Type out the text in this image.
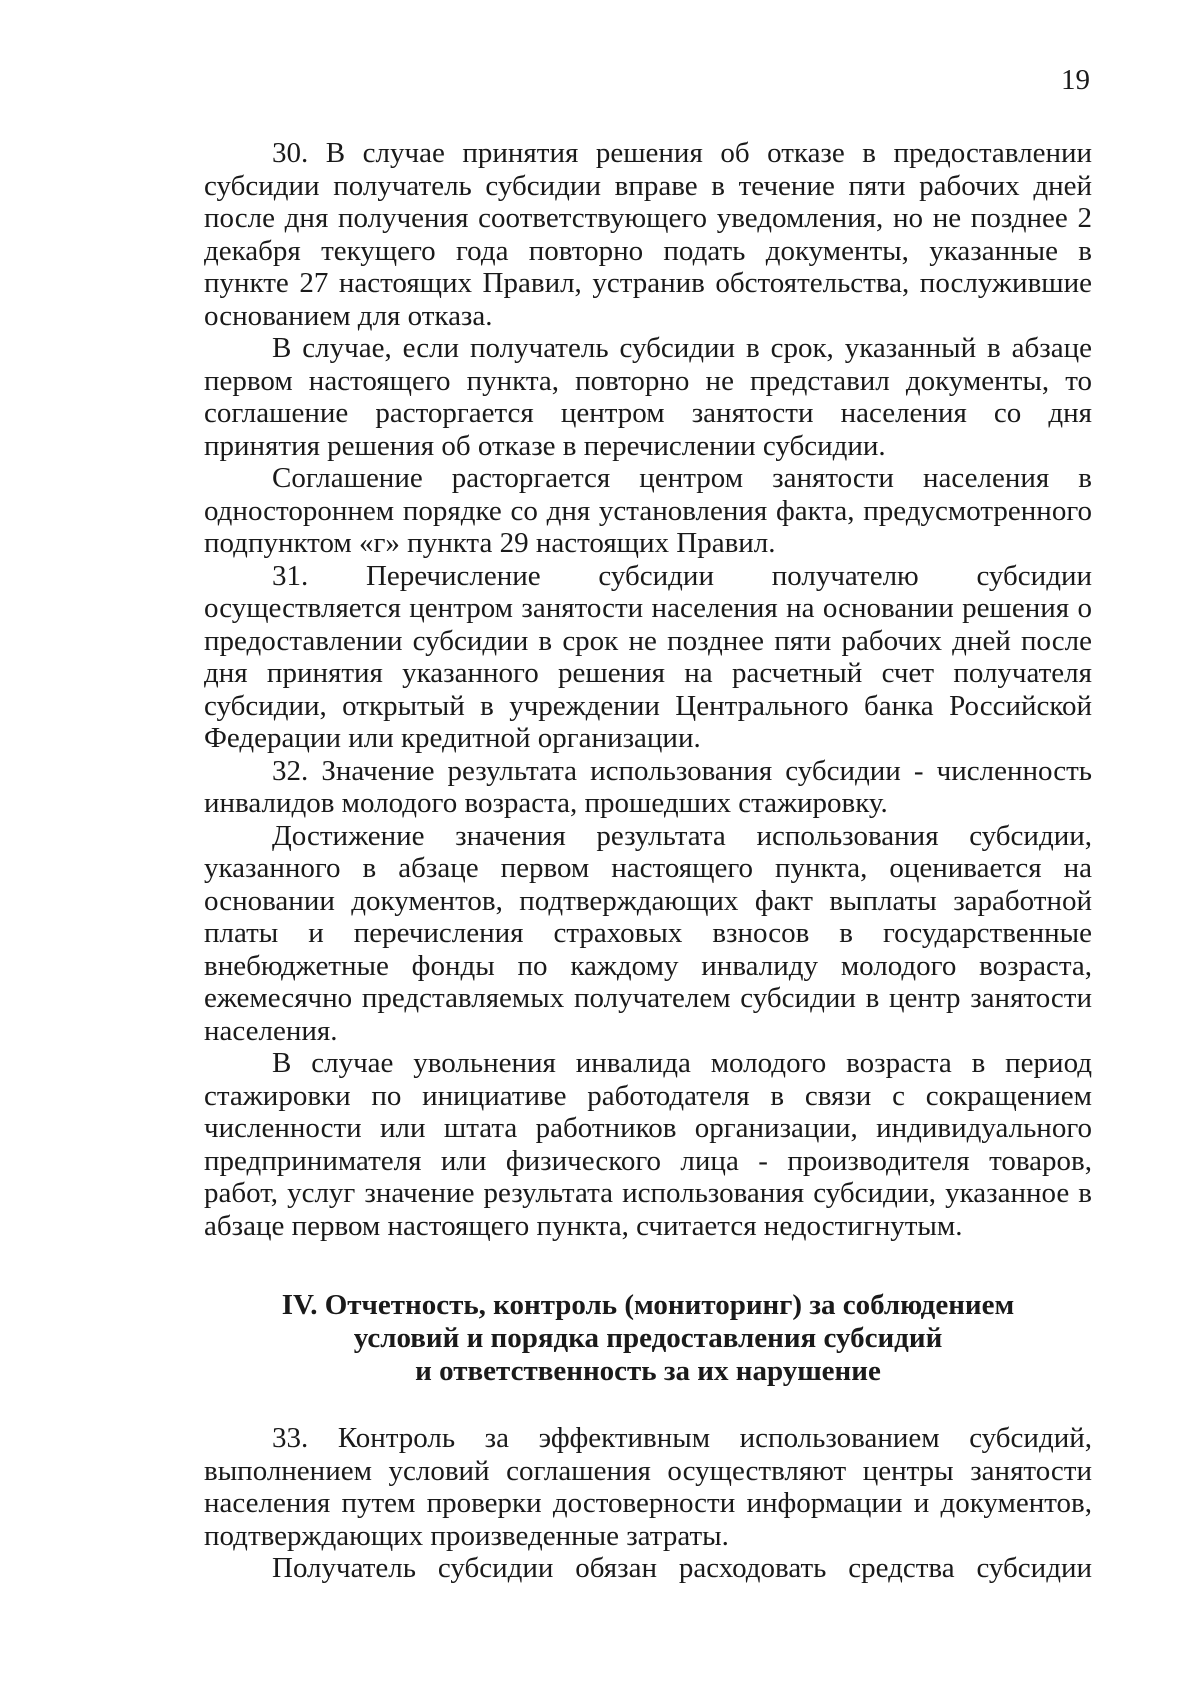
19

30. В случае принятия решения об отказе в предоставлении субсидии получатель субсидии вправе в течение пяти рабочих дней после дня получения соответствующего уведомления, но не позднее 2 декабря текущего года повторно подать документы, указанные в пункте 27 настоящих Правил, устранив обстоятельства, послужившие основанием для отказа.

В случае, если получатель субсидии в срок, указанный в абзаце первом настоящего пункта, повторно не представил документы, то соглашение расторгается центром занятости населения со дня принятия решения об отказе в перечислении субсидии.

Соглашение расторгается центром занятости населения в одностороннем порядке со дня установления факта, предусмотренного подпунктом «г» пункта 29 настоящих Правил.

31. Перечисление субсидии получателю субсидии осуществляется центром занятости населения на основании решения о предоставлении субсидии в срок не позднее пяти рабочих дней после дня принятия указанного решения на расчетный счет получателя субсидии, открытый в учреждении Центрального банка Российской Федерации или кредитной организации.

32. Значение результата использования субсидии - численность инвалидов молодого возраста, прошедших стажировку.

Достижение значения результата использования субсидии, указанного в абзаце первом настоящего пункта, оценивается на основании документов, подтверждающих факт выплаты заработной платы и перечисления страховых взносов в государственные внебюджетные фонды по каждому инвалиду молодого возраста, ежемесячно представляемых получателем субсидии в центр занятости населения.

В случае увольнения инвалида молодого возраста в период стажировки по инициативе работодателя в связи с сокращением численности или штата работников организации, индивидуального предпринимателя или физического лица - производителя товаров, работ, услуг значение результата использования субсидии, указанное в абзаце первом настоящего пункта, считается недостигнутым.

IV. Отчетность, контроль (мониторинг) за соблюдением
условий и порядка предоставления субсидий
и ответственность за их нарушение

33. Контроль за эффективным использованием субсидий, выполнением условий соглашения осуществляют центры занятости населения путем проверки достоверности информации и документов, подтверждающих произведенные затраты.

Получатель субсидии обязан расходовать средства субсидии
